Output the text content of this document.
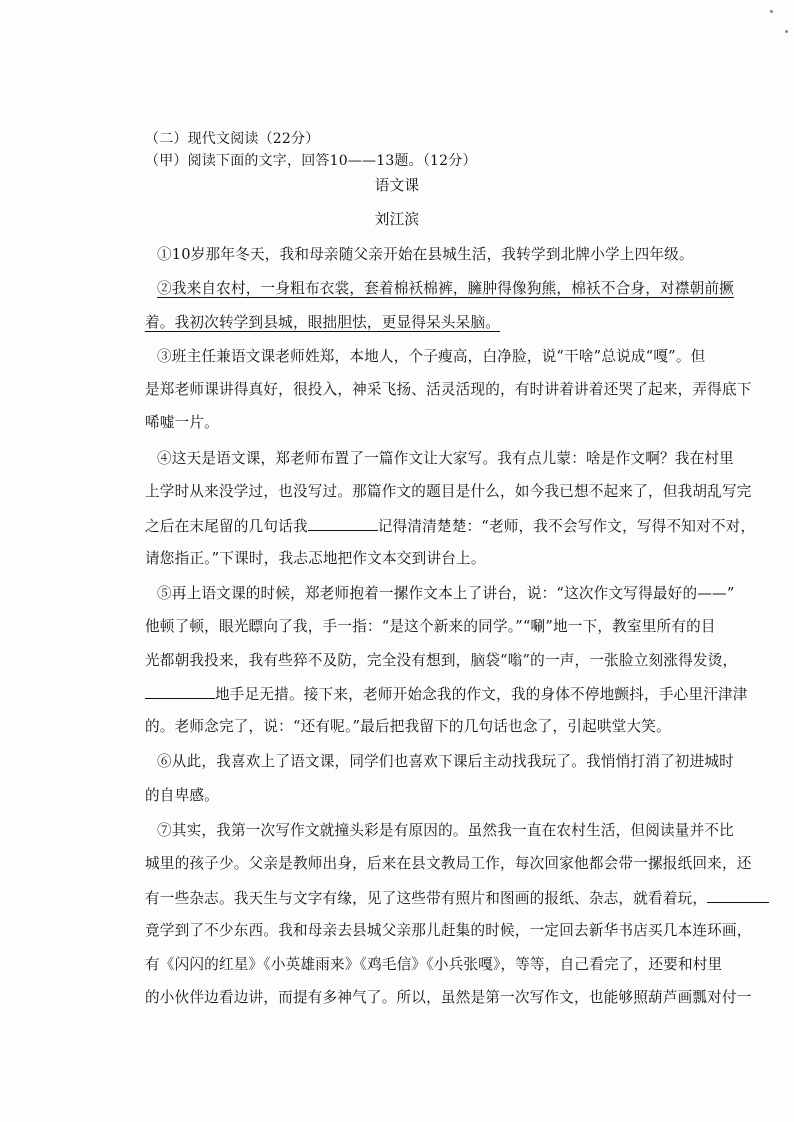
（二）现代文阅读（22分）
（甲）阅读下面的文字，回答10——13题。（12分）
语文课
刘江滨
①10岁那年冬天，我和母亲随父亲开始在县城生活，我转学到北牌小学上四年级。
②我来自农村，一身粗布衣裳，套着棉袄棉裤，臃肿得像狗熊，棉袄不合身，对襟朝前撅
着。我初次转学到县城，眼拙胆怯，更显得呆头呆脑。
③班主任兼语文课老师姓郑，本地人，个子瘦高，白净脸，说“干啥”总说成“嘎”。但
是郑老师课讲得真好，很投入，神采飞扬、活灵活现的，有时讲着讲着还哭了起来，弄得底下
唏嘘一片。
④这天是语文课，郑老师布置了一篇作文让大家写。我有点儿蒙：啥是作文啊？我在村里
上学时从来没学过，也没写过。那篇作文的题目是什么，如今我已想不起来了，但我胡乱写完
之后在末尾留的几句话我	记得清清楚楚：“老师，我不会写作文，写得不知对不对，
请您指正。”下课时，我忐忑地把作文本交到讲台上。
⑤再上语文课的时候，郑老师抱着一摞作文本上了讲台，说：“这次作文写得最好的——”
他顿了顿，眼光瞟向了我，手一指：“是这个新来的同学。”“唰”地一下，教室里所有的目
光都朝我投来，我有些猝不及防，完全没有想到，脑袋“嗡”的一声，一张脸立刻涨得发烫，
地手足无措。接下来，老师开始念我的作文，我的身体不停地颤抖，手心里汗津津
的。老师念完了，说：“还有呢。”最后把我留下的几句话也念了，引起哄堂大笑。
⑥从此，我喜欢上了语文课，同学们也喜欢下课后主动找我玩了。我悄悄打消了初进城时
的自卑感。
⑦其实，我第一次写作文就撞头彩是有原因的。虽然我一直在农村生活，但阅读量并不比
城里的孩子少。父亲是教师出身，后来在县文教局工作，每次回家他都会带一摞报纸回来，还
有一些杂志。我天生与文字有缘，见了这些带有照片和图画的报纸、杂志，就看着玩，
竟学到了不少东西。我和母亲去县城父亲那儿赶集的时候，一定回去新华书店买几本连环画，
有《闪闪的红星》《小英雄雨来》《鸡毛信》《小兵张嘎》，等等，自己看完了，还要和村里
的小伙伴边看边讲，而提有多神气了。所以，虽然是第一次写作文，也能够照葫芦画瓢对付一
